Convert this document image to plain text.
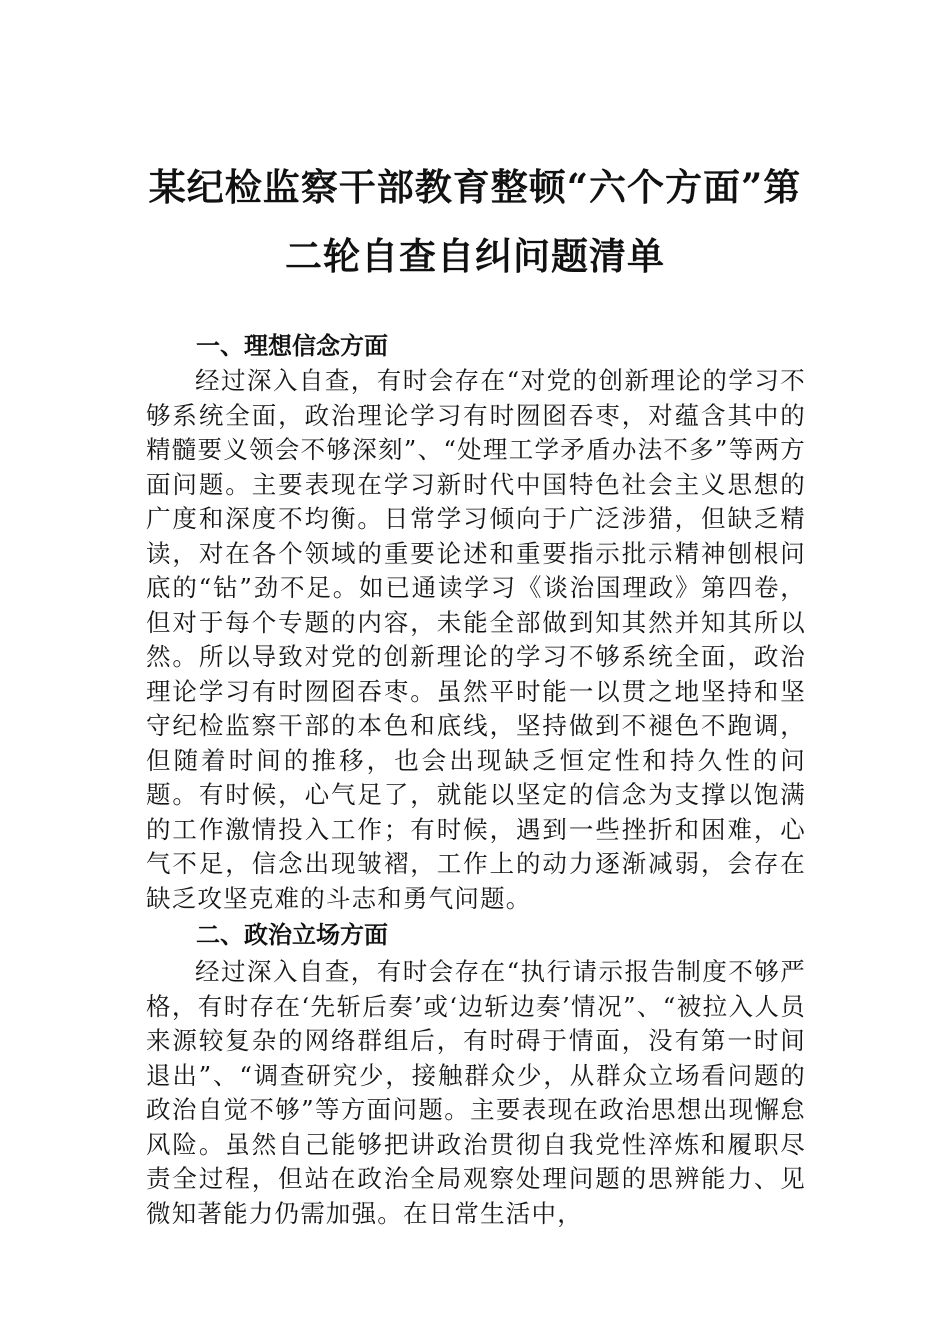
某纪检监察干部教育整顿“六个方面”第
二轮自查自纠问题清单
一、理想信念方面

经过深入自查，有时会存在“对党的创新理论的学习不够系统全面，政治理论学习有时囫囵吞枣，对蕴含其中的精髓要义领会不够深刻”、“处理工学矛盾办法不多”等两方面问题。主要表现在学习新时代中国特色社会主义思想的广度和深度不均衡。日常学习倾向于广泛涉猎，但缺乏精读，对在各个领域的重要论述和重要指示批示精神刨根问底的“钻”劲不足。如已通读学习《谈治国理政》第四卷，但对于每个专题的内容，未能全部做到知其然并知其所以然。所以导致对党的创新理论的学习不够系统全面，政治理论学习有时囫囵吞枣。虽然平时能一以贯之地坚持和坚守纪检监察干部的本色和底线，坚持做到不褪色不跑调，但随着时间的推移，也会出现缺乏恒定性和持久性的问题。有时候，心气足了，就能以坚定的信念为支撑以饱满的工作激情投入工作；有时候，遇到一些挫折和困难，心气不足，信念出现皱褶，工作上的动力逐渐减弱，会存在缺乏攻坚克难的斗志和勇气问题。

二、政治立场方面

经过深入自查，有时会存在“执行请示报告制度不够严格，有时存在‘先斩后奏’或‘边斩边奏’情况”、“被拉入人员来源较复杂的网络群组后，有时碍于情面，没有第一时间退出”、“调查研究少，接触群众少，从群众立场看问题的政治自觉不够”等方面问题。主要表现在政治思想出现懈怠风险。虽然自己能够把讲政治贯彻自我党性淬炼和履职尽责全过程，但站在政治全局观察处理问题的思辨能力、见微知著能力仍需加强。在日常生活中，
